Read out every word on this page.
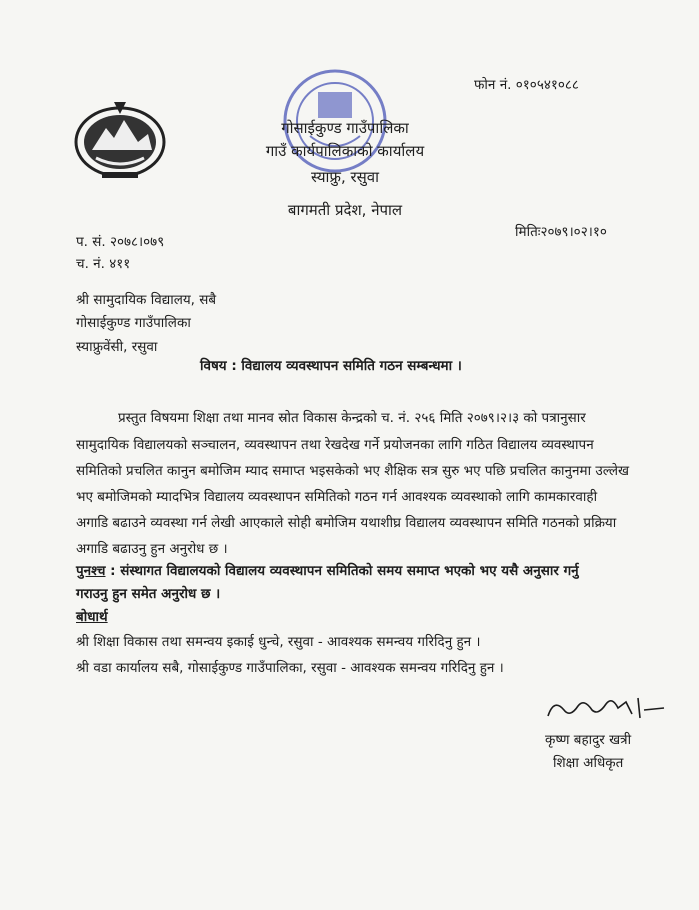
फोन नं. ०१०५४१०८८
गोसाईकुण्ड गाउँपालिका
गाउँ कार्यपालिकाको कार्यालय
स्याफ्रु, रसुवा
बागमती प्रदेश, नेपाल
प. सं. २०७८।०७९
च. नं. ४११
मितिः२०७९।०२।१०
श्री सामुदायिक विद्यालय, सबै
गोसाईकुण्ड गाउँपालिका
स्याफ्रुवेंसी, रसुवा
विषय : विद्यालय व्यवस्थापन समिति गठन सम्बन्धमा ।
प्रस्तुत विषयमा शिक्षा तथा मानव स्रोत विकास केन्द्रको च. नं. २५६ मिति २०७९।२।३ को पत्रानुसार
सामुदायिक विद्यालयको सञ्चालन, व्यवस्थापन तथा रेखदेख गर्ने प्रयोजनका लागि गठित विद्यालय व्यवस्थापन
समितिको प्रचलित कानुन बमोजिम म्याद समाप्त भइसकेको भए शैक्षिक सत्र सुरु भए पछि प्रचलित कानुनमा उल्लेख
भए बमोजिमको म्यादभित्र विद्यालय व्यवस्थापन समितिको गठन गर्न आवश्यक व्यवस्थाको लागि कामकारवाही
अगाडि बढाउने व्यवस्था गर्न लेखी आएकाले सोही बमोजिम यथाशीघ्र विद्यालय व्यवस्थापन समिति गठनको प्रक्रिया
अगाडि बढाउनु हुन अनुरोध छ ।
पुनश्च : संस्थागत विद्यालयको विद्यालय व्यवस्थापन समितिको समय समाप्त भएको भए यसै अनुसार गर्नु
गराउनु हुन समेत अनुरोध छ ।
बोधार्थ
श्री शिक्षा विकास तथा समन्वय इकाई धुन्चे, रसुवा - आवश्यक समन्वय गरिदिनु हुन ।
श्री वडा कार्यालय सबै, गोसाईकुण्ड गाउँपालिका, रसुवा - आवश्यक समन्वय गरिदिनु हुन ।
कृष्ण बहादुर खत्री
शिक्षा अधिकृत
